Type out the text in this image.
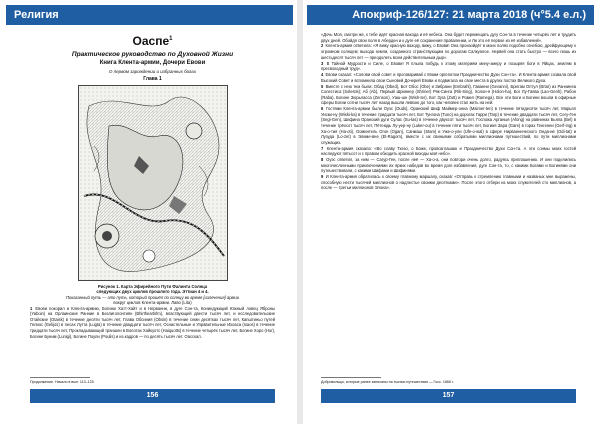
Религия
Оаспе$^1$
Практическое руководство по Духовной Жизни
Книга Клента-армии, Дочери Евови
О первом зарождении и избранных богах
Глава 1
Рисунок 1. Карта Эфирейного Пути Фалинта Солнца
следующих двух циклов прошлого года. Эттиан 4 и 4.
Показанный путь — это путь, который прошёл по солнцу во время [излечения] армии
вокруг циклов Клента-армии. Лаво (Lita)

1 Евови покорил и Клента-армию, Богиню Хатт-Хайт и в Нерванни, в дуге Сон-та, Кониндукиций Южный ловец Яброны (Yaboin) на Орлаинские Ранние в Безлиголонтиян (Bhirtheartirlm), властвующей двести тысяч лет, и исследовательские Отайские (Otaisk) в течение десяти тысяч лет, Глава Обсиния (Obsin) в течение семи десятках тысяч лет, Капштиньо путей Гелиос (Gelijos) в лесах Лугта (Lugta) в течение двадцати тысяч лет, Оснастельные и Управительные Ихоаса (Ixaos) в течение тридцати тысяч лет, Прокладывающий траншеи в Волотах Хайкуотс (Haiquotts) в течение четырёх тысяч лет, Богине Хоро (Hor), Богине Буним (Lunigi), Богине Поули (Poulis) и из кадров — по десять тысяч лет. Оасскал.

Продолжение. Начало в вып. 113–125.
156
Апокриф-126/127: 21 марта 2018 (ч°5.4 е.л.)

«Дочь Моя, смотри же, к тебе идёт красная вахода и её небеса. Она будет перемещать дугу Сон-та в течение четырёх лет и трудить двух дней. Обойдя свои поля в Аберден и к дуге её сохранения провалении, и Ли это её первое из её избавлений».

2 Клента-армия ответила: «Я вижу красную ваходу, вижу, о Евови! Она произойдёт в моих полях подобно огнебою, дрейфующему к огромном солнцем; выхода земли, созданного странствующим по дорогам Салкуалое. Нервей она стать быстро — всего лишь из шестьдесят тысяч лет — преодолеть всем действительным дыр».

3 В Тайной Мудрости и Силе, о Евови! Я плыла побудь к этому материям мину-эмеру и позыряя боги в Яйцах, землям в пресвоходный труд».

4 Евови сказал: «Солови свой совет и проговаривай с Моим оргепотом Праздничество Духи Сон-та». И Клента-армия созвала свой Высокий Совет и вспомнила свои Сыновей Дочерей Евови и подвигала на свое места в других постах Великого Духа.

5 Вместе с нею тем были: Обад (Obed), Бот Обос (Obe) и Зибрани (Embrahl), Гаванни (Gevanni), Бритам Оптул (Brtar) из Раннинеа Солестиса (Solestis); Аб (Ab), Первый Шриннер (Shriner) Ряк-Синга (Rik-Sing), Холон-я (Holon-ha), Бог Лу-Гаява (Lao-Genh), Рабон (Raba), Богине Зюрьласса (Zenson), Уаш-ше (Wish-ter), Бот Зуга (Zutt) и Ромел (Ramega). Все эти Боги и Богини вошли в офирные сферы Богии сотни тысяч лет назад вышли левкою до того, как человек стал жить на ней.

6 Гостями Клента-армии были Оуэс (Ouds), Оранский Шиф Маймер-онна (Maimer-ten) в течение пятидесяти тысяч лет, Марьял Уиски-ну (Wiski-ka) в течение тридцати тысяч лет, Бот Тунгона (Tuno) на дорогах Гарри (Tarp) в течение двадцати тысяч лет, Сегу-Ген (Segi-Gen), Шифина Оранский дуги Сулас (Su-las) в течение двухсот тысяч лет, Госпожа Арганыя (Afong) на равнинах Бьяла (Bel) в течение трёхсот тысяч лет, Пётеюдь Лу-уер-ну (Luker-ou) в течение пяти тысяч лет, Богиня Зара (Gare) в горах Генгенеи (Gerf-ing) в Ха-о-тия (Ha-oti), Ооминтель Огон (Ogan), Санмаш (Stam) и Уже-о-ули (Ufe-o-wal) в сфере Нирваннического Онда-ие (Odi-tat) и Лузуда (Lo-zet) в Элиме-вне (El-Ragom), вместе с их свиньями собратьями миллионами путешествий, по пути миллионами служащих.

7 Клента-армия сказала: «Во славу Тхезо, о Боже, провозглашаю и Праздничество Духи Сон-та. А эти сонмы моих гостей наследуют пятьсот и с правом обходить красной виходы моё небо».

8 Оуэс ответил, за ним — Сагур-Ген, после неё — Ха-о-а, они повтори очень долго, радуясь приглашению. И они поделились многочисленными приключениями их ярких набедов во время доге избавления, дуге Сон-та, то, с какими Богами и Богинями они путешествовали, с какими Шифами и Шифинями.

9 И Клента-армия обратилась к своему главному маршалу, сказав: «Отправь к стремлению главными и названых мне выражены, способную нести тысячей миллионов о надлестье своими десятками». После этого отбери из моих служителей сто миллионов, а после — третьи миллионов Элона».

Добровольцы, которые ранее записаны на тысячи путешествия — Госс. 1868 г.
157
